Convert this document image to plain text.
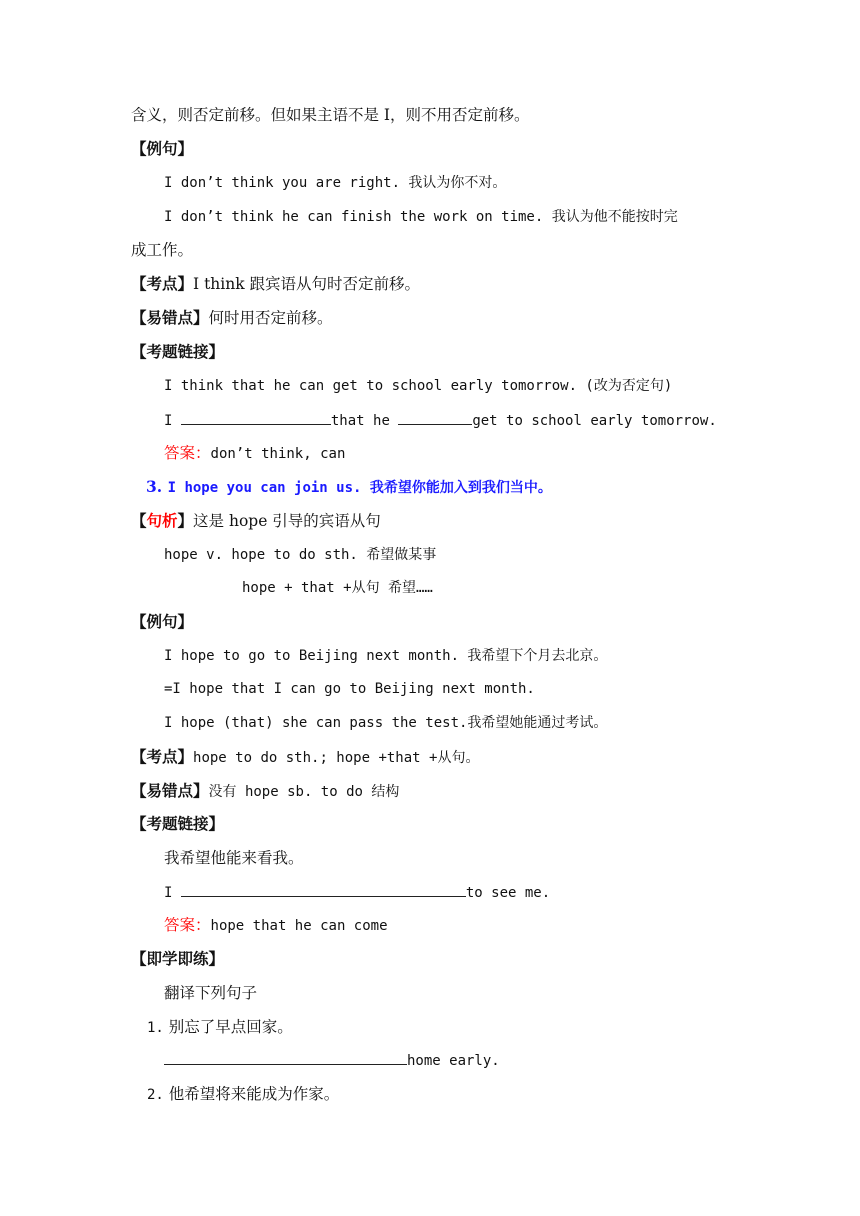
含义，则否定前移。但如果主语不是 I，则不用否定前移。
【例句】
I don’t think you are right. 我认为你不对。
I don’t think he can finish the work on time. 我认为他不能按时完
成工作。
【考点】I think 跟宾语从句时否定前移。
【易错点】何时用否定前移。
【考题链接】
I think that he can get to school early tomorrow. (改为否定句)
I	that he	get to school early tomorrow.
答案：don’t think, can
3. I hope you can join us. 我希望你能加入到我们当中。
【句析】这是 hope 引导的宾语从句
hope v. hope to do sth. 希望做某事
hope + that +从句 希望……
【例句】
I hope to go to Beijing next month. 我希望下个月去北京。
=I hope that I can go to Beijing next month.
I hope (that) she can pass the test.我希望她能通过考试。
【考点】hope to do sth.; hope +that +从句。
【易错点】没有 hope sb. to do 结构
【考题链接】
我希望他能来看我。
I	to see me.
答案：hope that he can come
【即学即练】
翻译下列句子
1. 别忘了早点回家。
home early.
2. 他希望将来能成为作家。
